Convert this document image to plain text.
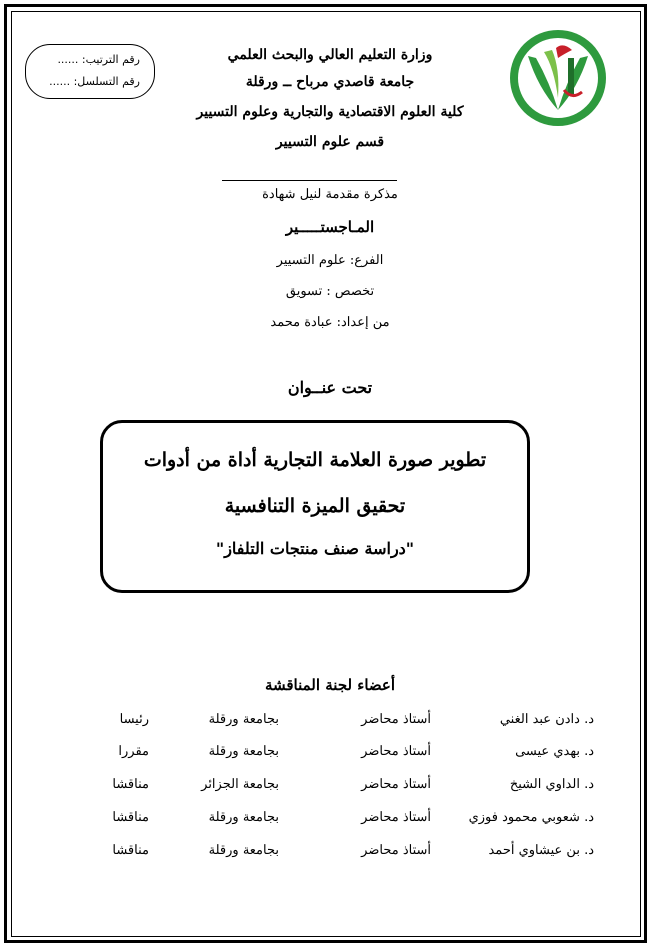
رقم الترتيب: ......
رقم التسلسل: ......
وزارة التعليم العالي والبحث العلمي
جامعة قاصدي مرباح ــ ورقلة
كلية العلوم الاقتصادية والتجارية وعلوم التسيير
قسم علوم التسيير
مذكرة مقدمة لنيل شهادة
المـاجستـــــير
الفرع: علوم التسيير
تخصص : تسويق
من إعداد: عبادة محمد
تحت عنــوان
تطوير صورة العلامة التجارية أداة من أدوات
تحقيق الميزة التنافسية
"دراسة صنف منتجات التلفاز"
أعضاء لجنة المناقشة
د. دادن عبد الغني
أستاذ محاضر
بجامعة ورقلة
رئيسا
د. بهدي عيسى
أستاذ محاضر
بجامعة ورقلة
مقررا
د. الداوي الشيخ
أستاذ محاضر
بجامعة الجزائر
مناقشا
د. شعوبي محمود فوزي
أستاذ محاضر
بجامعة ورقلة
مناقشا
د. بن عيشاوي أحمد
أستاذ محاضر
بجامعة ورقلة
مناقشا
